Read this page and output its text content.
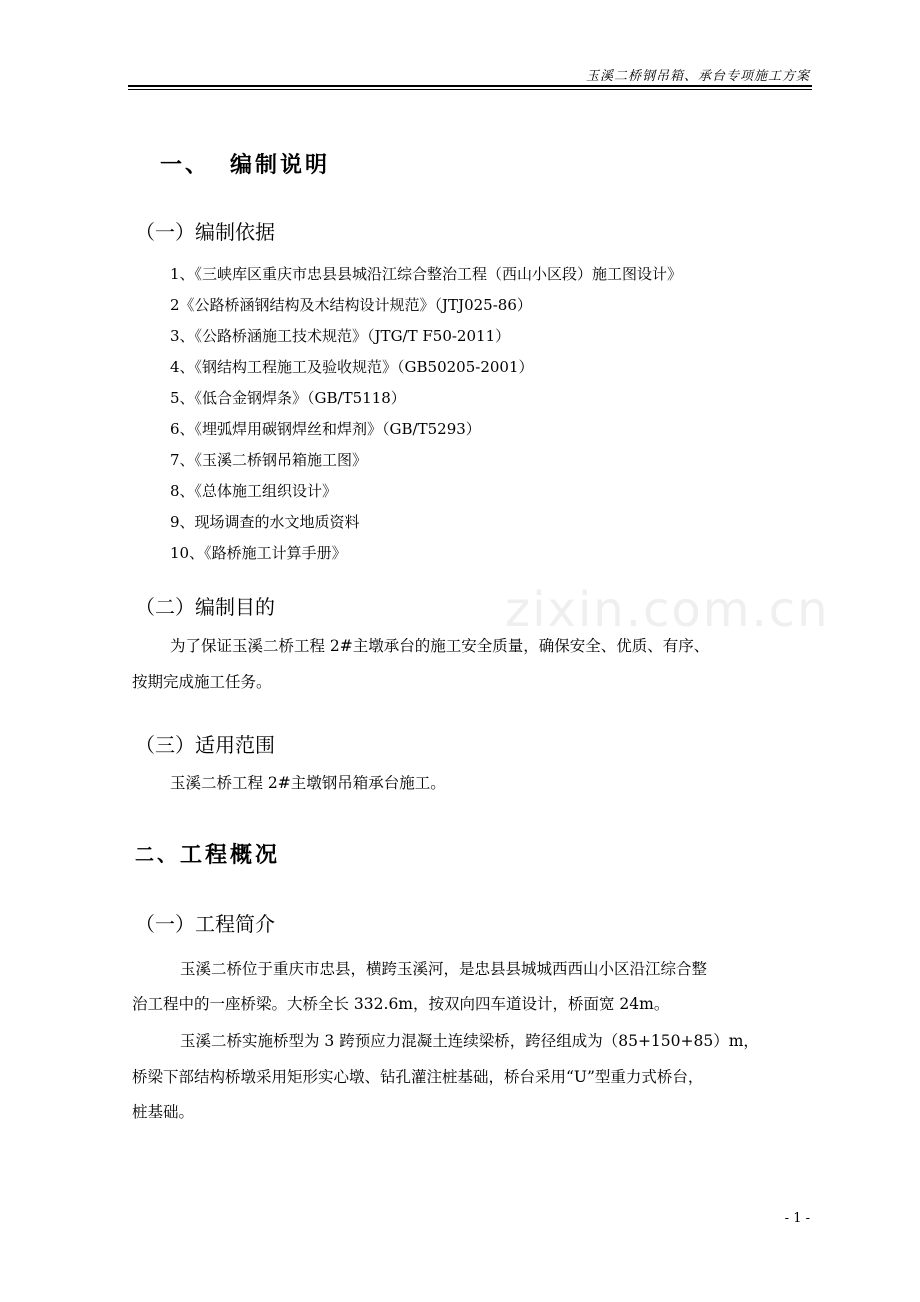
玉溪二桥钢吊箱、承台专项施工方案
zixin.com.cn
一、 编制说明
（一）编制依据
1、《三峡库区重庆市忠县县城沿江综合整治工程（西山小区段）施工图设计》
2《公路桥涵钢结构及木结构设计规范》（JTJ025-86）
3、《公路桥涵施工技术规范》（JTG/T F50-2011）
4、《钢结构工程施工及验收规范》（GB50205-2001）
5、《低合金钢焊条》（GB/T5118）
6、《埋弧焊用碳钢焊丝和焊剂》（GB/T5293）
7、《玉溪二桥钢吊箱施工图》
8、《总体施工组织设计》
9、现场调查的水文地质资料
10、《路桥施工计算手册》
（二）编制目的
为了保证玉溪二桥工程 2#主墩承台的施工安全质量，确保安全、优质、有序、
按期完成施工任务。
（三）适用范围
玉溪二桥工程 2#主墩钢吊箱承台施工。
二、 工程概况
（一）工程简介
玉溪二桥位于重庆市忠县，横跨玉溪河，是忠县县城城西西山小区沿江综合整
治工程中的一座桥梁。大桥全长 332.6m，按双向四车道设计，桥面宽 24m。
玉溪二桥实施桥型为 3 跨预应力混凝土连续梁桥，跨径组成为（85+150+85）m，
桥梁下部结构桥墩采用矩形实心墩、钻孔灌注桩基础，桥台采用“U”型重力式桥台，
桩基础。
- 1 -
